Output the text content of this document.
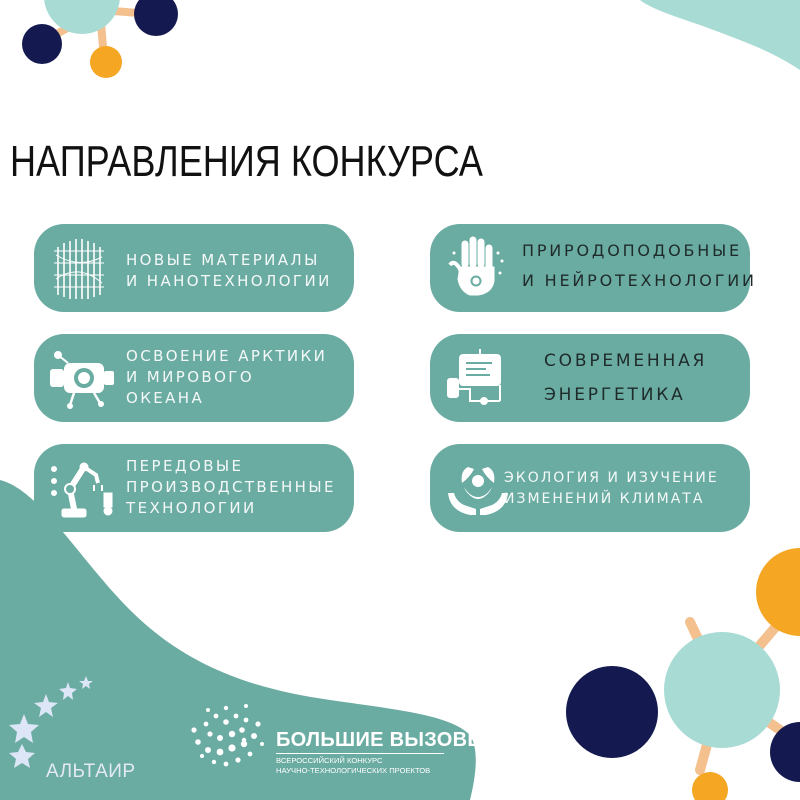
НАПРАВЛЕНИЯ КОНКУРСА
НОВЫЕ МАТЕРИАЛЫ
И НАНОТЕХНОЛОГИИ
ПРИРОДОПОДОБНЫЕ
И НЕЙРОТЕХНОЛОГИИ
ОСВОЕНИЕ АРКТИКИ
И МИРОВОГО
ОКЕАНА
СОВРЕМЕННАЯ
ЭНЕРГЕТИКА
ПЕРЕДОВЫЕ
ПРОИЗВОДСТВЕННЫЕ
ТЕХНОЛОГИИ
ЭКОЛОГИЯ И ИЗУЧЕНИЕ
ИЗМЕНЕНИЙ КЛИМАТА
АЛЬТАИР
БОЛЬШИЕ ВЫЗОВЫ
ВСЕРОССИЙСКИЙ КОНКУРС
НАУЧНО-ТЕХНОЛОГИЧЕСКИХ ПРОЕКТОВ
